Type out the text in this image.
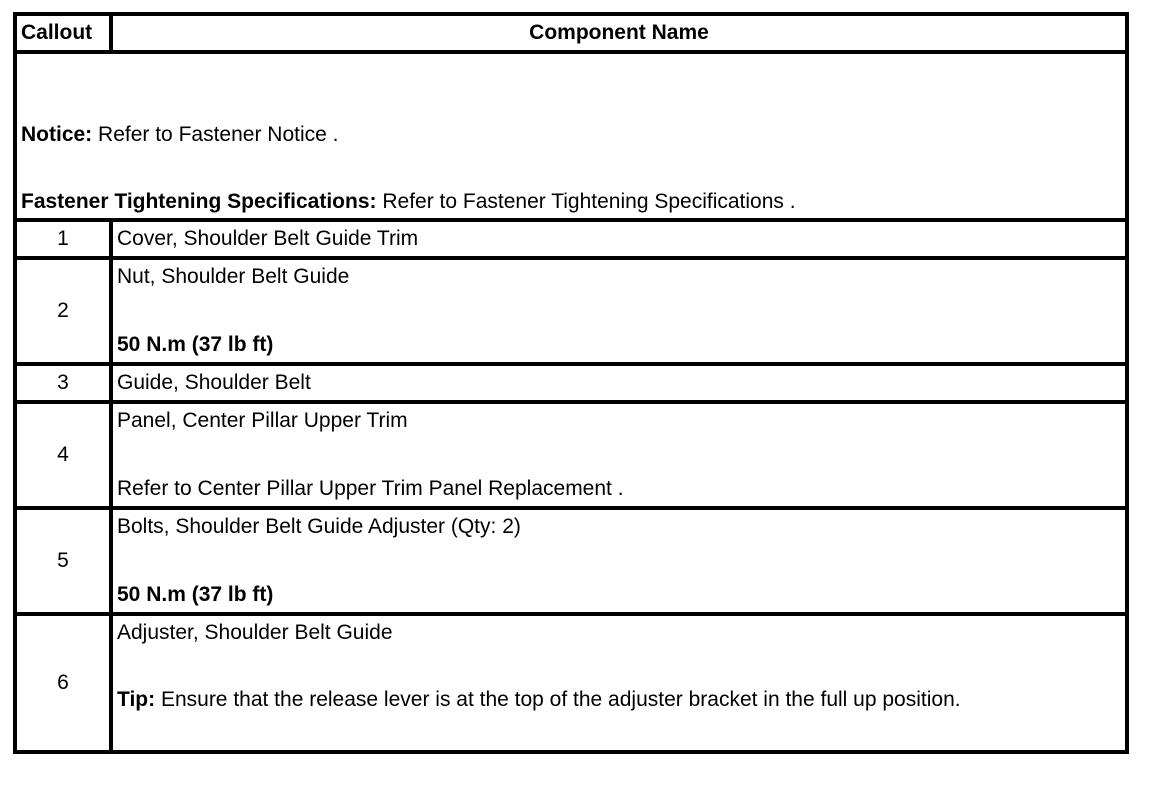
Callout	Component Name

Notice: Refer to Fastener Notice .
Fastener Tightening Specifications: Refer to Fastener Tightening Specifications .	

1	Cover, Shoulder Belt Guide Trim
2	Nut, Shoulder Belt Guide
50 N.m (37 lb ft)

3	Guide, Shoulder Belt
4	Panel, Center Pillar Upper Trim
Refer to Center Pillar Upper Trim Panel Replacement .

5	Bolts, Shoulder Belt Guide Adjuster (Qty: 2)
50 N.m (37 lb ft)

6	Adjuster, Shoulder Belt Guide
Tip: Ensure that the release lever is at the top of the adjuster bracket in the full up position.
